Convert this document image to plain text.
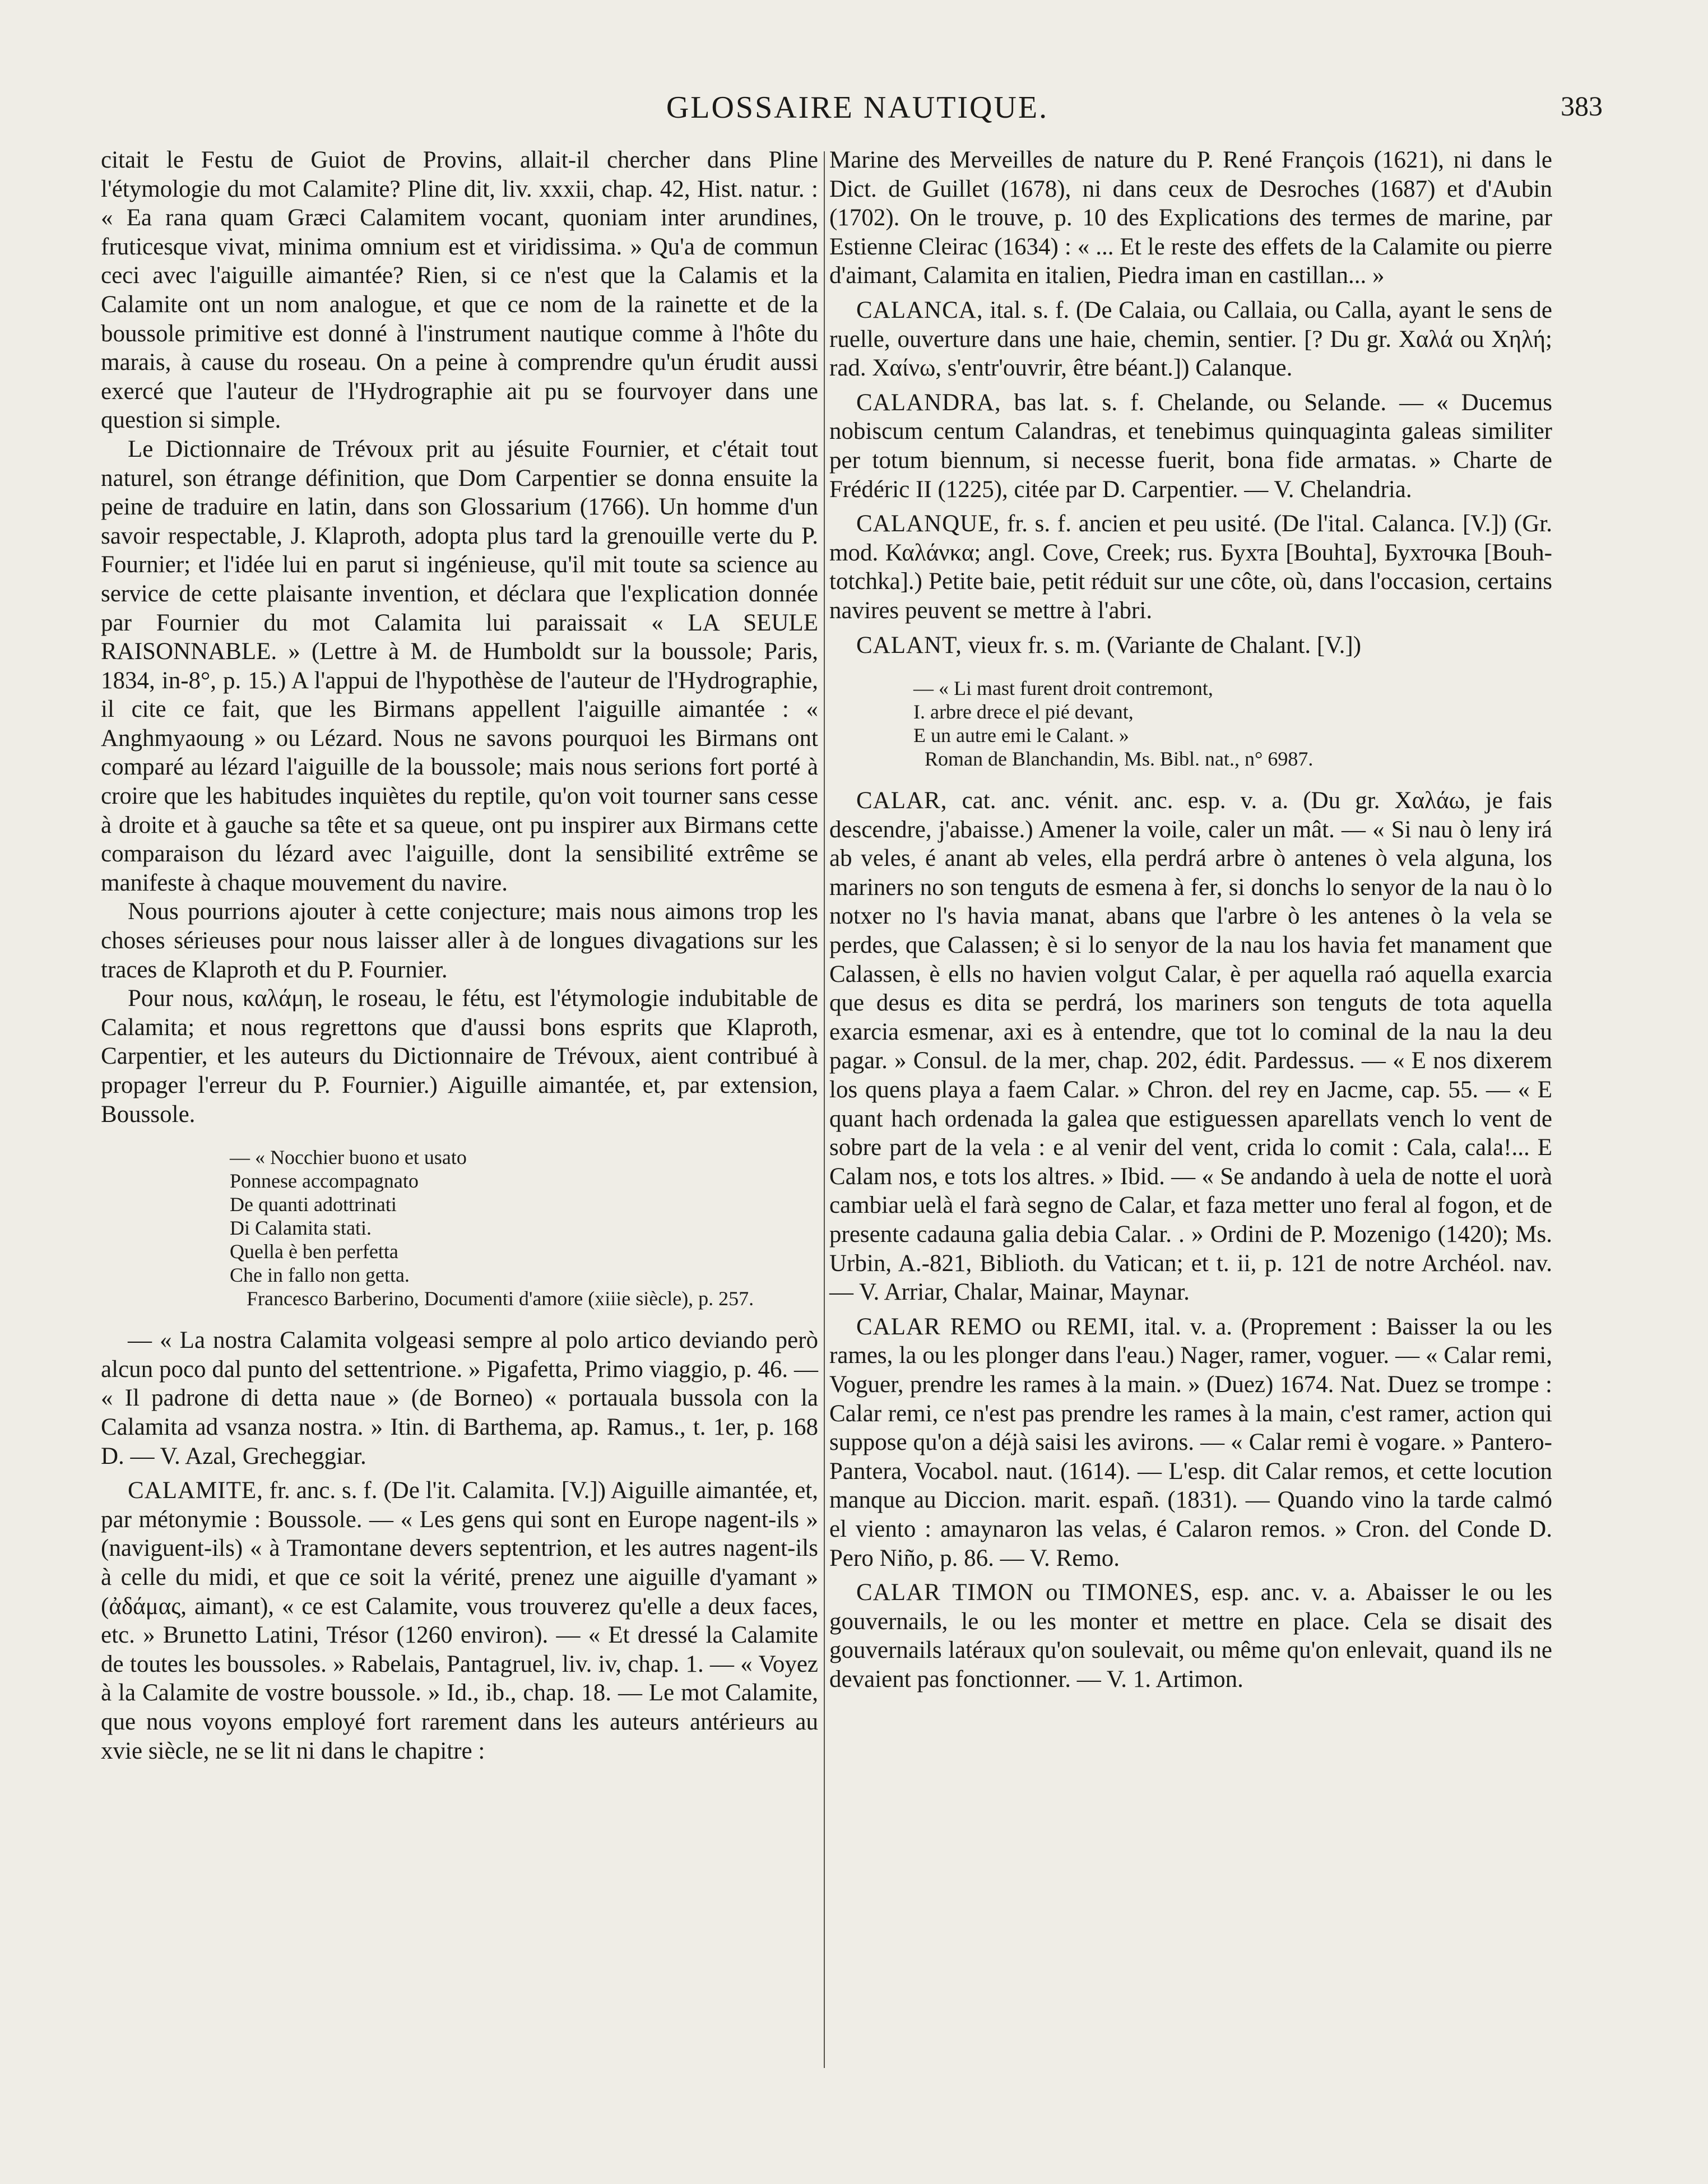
GLOSSAIRE NAUTIQUE.	383

citait le Festu de Guiot de Provins, allait-il chercher dans Pline l'étymologie du mot Calamite? Pline dit, liv. xxxii, chap. 42, Hist. natur. : « Ea rana quam Græci Calamitem vocant, quoniam inter arundines, fruticesque vivat, minima omnium est et viridissima. » Qu'a de commun ceci avec l'aiguille aimantée? Rien, si ce n'est que la Calamis et la Calamite ont un nom analogue, et que ce nom de la rainette et de la boussole primitive est donné à l'instrument nautique comme à l'hôte du marais, à cause du roseau. On a peine à comprendre qu'un érudit aussi exercé que l'auteur de l'Hydrographie ait pu se fourvoyer dans une question si simple.

Le Dictionnaire de Trévoux prit au jésuite Fournier, et c'était tout naturel, son étrange définition, que Dom Carpentier se donna ensuite la peine de traduire en latin, dans son Glossarium (1766). Un homme d'un savoir respectable, J. Klaproth, adopta plus tard la grenouille verte du P. Fournier; et l'idée lui en parut si ingénieuse, qu'il mit toute sa science au service de cette plaisante invention, et déclara que l'explication donnée par Fournier du mot Calamita lui paraissait « LA SEULE RAISONNABLE. » (Lettre à M. de Humboldt sur la boussole; Paris, 1834, in-8°, p. 15.) A l'appui de l'hypothèse de l'auteur de l'Hydrographie, il cite ce fait, que les Birmans appellent l'aiguille aimantée : « Anghmyaoung » ou Lézard. Nous ne savons pourquoi les Birmans ont comparé au lézard l'aiguille de la boussole; mais nous serions fort porté à croire que les habitudes inquiètes du reptile, qu'on voit tourner sans cesse à droite et à gauche sa tête et sa queue, ont pu inspirer aux Birmans cette comparaison du lézard avec l'aiguille, dont la sensibilité extrême se manifeste à chaque mouvement du navire.

Nous pourrions ajouter à cette conjecture; mais nous aimons trop les choses sérieuses pour nous laisser aller à de longues divagations sur les traces de Klaproth et du P. Fournier.

Pour nous, καλάμη, le roseau, le fétu, est l'étymologie indubitable de Calamita; et nous regrettons que d'aussi bons esprits que Klaproth, Carpentier, et les auteurs du Dictionnaire de Trévoux, aient contribué à propager l'erreur du P. Fournier.) Aiguille aimantée, et, par extension, Boussole.

— « Nocchier buono et usato
Ponnese accompagnato
De quanti adottrinati
Di Calamita stati.
Quella è ben perfetta
Che in fallo non getta.
Francesco Barberino, Documenti d'amore (xiiie siècle), p. 257.

— « La nostra Calamita volgeasi sempre al polo artico deviando però alcun poco dal punto del settentrione. » Pigafetta, Primo viaggio, p. 46. — « Il padrone di detta naue » (de Borneo) « portauala bussola con la Calamita ad vsanza nostra. » Itin. di Barthema, ap. Ramus., t. 1er, p. 168 D. — V. Azal, Grecheggiar.

CALAMITE, fr. anc. s. f. (De l'it. Calamita. [V.]) Aiguille aimantée, et, par métonymie : Boussole. — « Les gens qui sont en Europe nagent-ils » (naviguent-ils) « à Tramontane devers septentrion, et les autres nagent-ils à celle du midi, et que ce soit la vérité, prenez une aiguille d'yamant » (ἀδάμας, aimant), « ce est Calamite, vous trouverez qu'elle a deux faces, etc. » Brunetto Latini, Trésor (1260 environ). — « Et dressé la Calamite de toutes les boussoles. » Rabelais, Pantagruel, liv. iv, chap. 1. — « Voyez à la Calamite de vostre boussole. » Id., ib., chap. 18. — Le mot Calamite, que nous voyons employé fort rarement dans les auteurs antérieurs au xvie siècle, ne se lit ni dans le chapitre :

Marine des Merveilles de nature du P. René François (1621), ni dans le Dict. de Guillet (1678), ni dans ceux de Desroches (1687) et d'Aubin (1702). On le trouve, p. 10 des Explications des termes de marine, par Estienne Cleirac (1634) : « ... Et le reste des effets de la Calamite ou pierre d'aimant, Calamita en italien, Piedra iman en castillan... »

CALANCA, ital. s. f. (De Calaia, ou Callaia, ou Calla, ayant le sens de ruelle, ouverture dans une haie, chemin, sentier. [? Du gr. Χαλά ou Χηλή; rad. Χαίνω, s'entr'ouvrir, être béant.]) Calanque.

CALANDRA, bas lat. s. f. Chelande, ou Selande. — « Ducemus nobiscum centum Calandras, et tenebimus quinquaginta galeas similiter per totum biennum, si necesse fuerit, bona fide armatas. » Charte de Frédéric II (1225), citée par D. Carpentier. — V. Chelandria.

CALANQUE, fr. s. f. ancien et peu usité. (De l'ital. Calanca. [V.]) (Gr. mod. Καλάνκα; angl. Cove, Creek; rus. Бухта [Bouhta], Бухточка [Bouh-totchka].) Petite baie, petit réduit sur une côte, où, dans l'occasion, certains navires peuvent se mettre à l'abri.

CALANT, vieux fr. s. m. (Variante de Chalant. [V.])

— « Li mast furent droit contremont,
I. arbre drece el pié devant,
E un autre emi le Calant. »
Roman de Blanchandin, Ms. Bibl. nat., n° 6987.

CALAR, cat. anc. vénit. anc. esp. v. a. (Du gr. Χαλάω, je fais descendre, j'abaisse.) Amener la voile, caler un mât. — « Si nau ò leny irá ab veles, é anant ab veles, ella perdrá arbre ò antenes ò vela alguna, los mariners no son tenguts de esmena à fer, si donchs lo senyor de la nau ò lo notxer no l's havia manat, abans que l'arbre ò les antenes ò la vela se perdes, que Calassen; è si lo senyor de la nau los havia fet manament que Calassen, è ells no havien volgut Calar, è per aquella raó aquella exarcia que desus es dita se perdrá, los mariners son tenguts de tota aquella exarcia esmenar, axi es à entendre, que tot lo cominal de la nau la deu pagar. » Consul. de la mer, chap. 202, édit. Pardessus. — « E nos dixerem los quens playa a faem Calar. » Chron. del rey en Jacme, cap. 55. — « E quant hach ordenada la galea que estiguessen aparellats vench lo vent de sobre part de la vela : e al venir del vent, crida lo comit : Cala, cala!... E Calam nos, e tots los altres. » Ibid. — « Se andando à uela de notte el uorà cambiar uelà el farà segno de Calar, et faza metter uno feral al fogon, et de presente cadauna galia debia Calar. . » Ordini de P. Mozenigo (1420); Ms. Urbin, A.-821, Biblioth. du Vatican; et t. ii, p. 121 de notre Archéol. nav. — V. Arriar, Chalar, Mainar, Maynar.

CALAR REMO ou REMI, ital. v. a. (Proprement : Baisser la ou les rames, la ou les plonger dans l'eau.) Nager, ramer, voguer. — « Calar remi, Voguer, prendre les rames à la main. » (Duez) 1674. Nat. Duez se trompe : Calar remi, ce n'est pas prendre les rames à la main, c'est ramer, action qui suppose qu'on a déjà saisi les avirons. — « Calar remi è vogare. » Pantero-Pantera, Vocabol. naut. (1614). — L'esp. dit Calar remos, et cette locution manque au Diccion. marit. españ. (1831). — Quando vino la tarde calmó el viento : amaynaron las velas, é Calaron remos. » Cron. del Conde D. Pero Niño, p. 86. — V. Remo.

CALAR TIMON ou TIMONES, esp. anc. v. a. Abaisser le ou les gouvernails, le ou les monter et mettre en place. Cela se disait des gouvernails latéraux qu'on soulevait, ou même qu'on enlevait, quand ils ne devaient pas fonctionner. — V. 1. Artimon.
